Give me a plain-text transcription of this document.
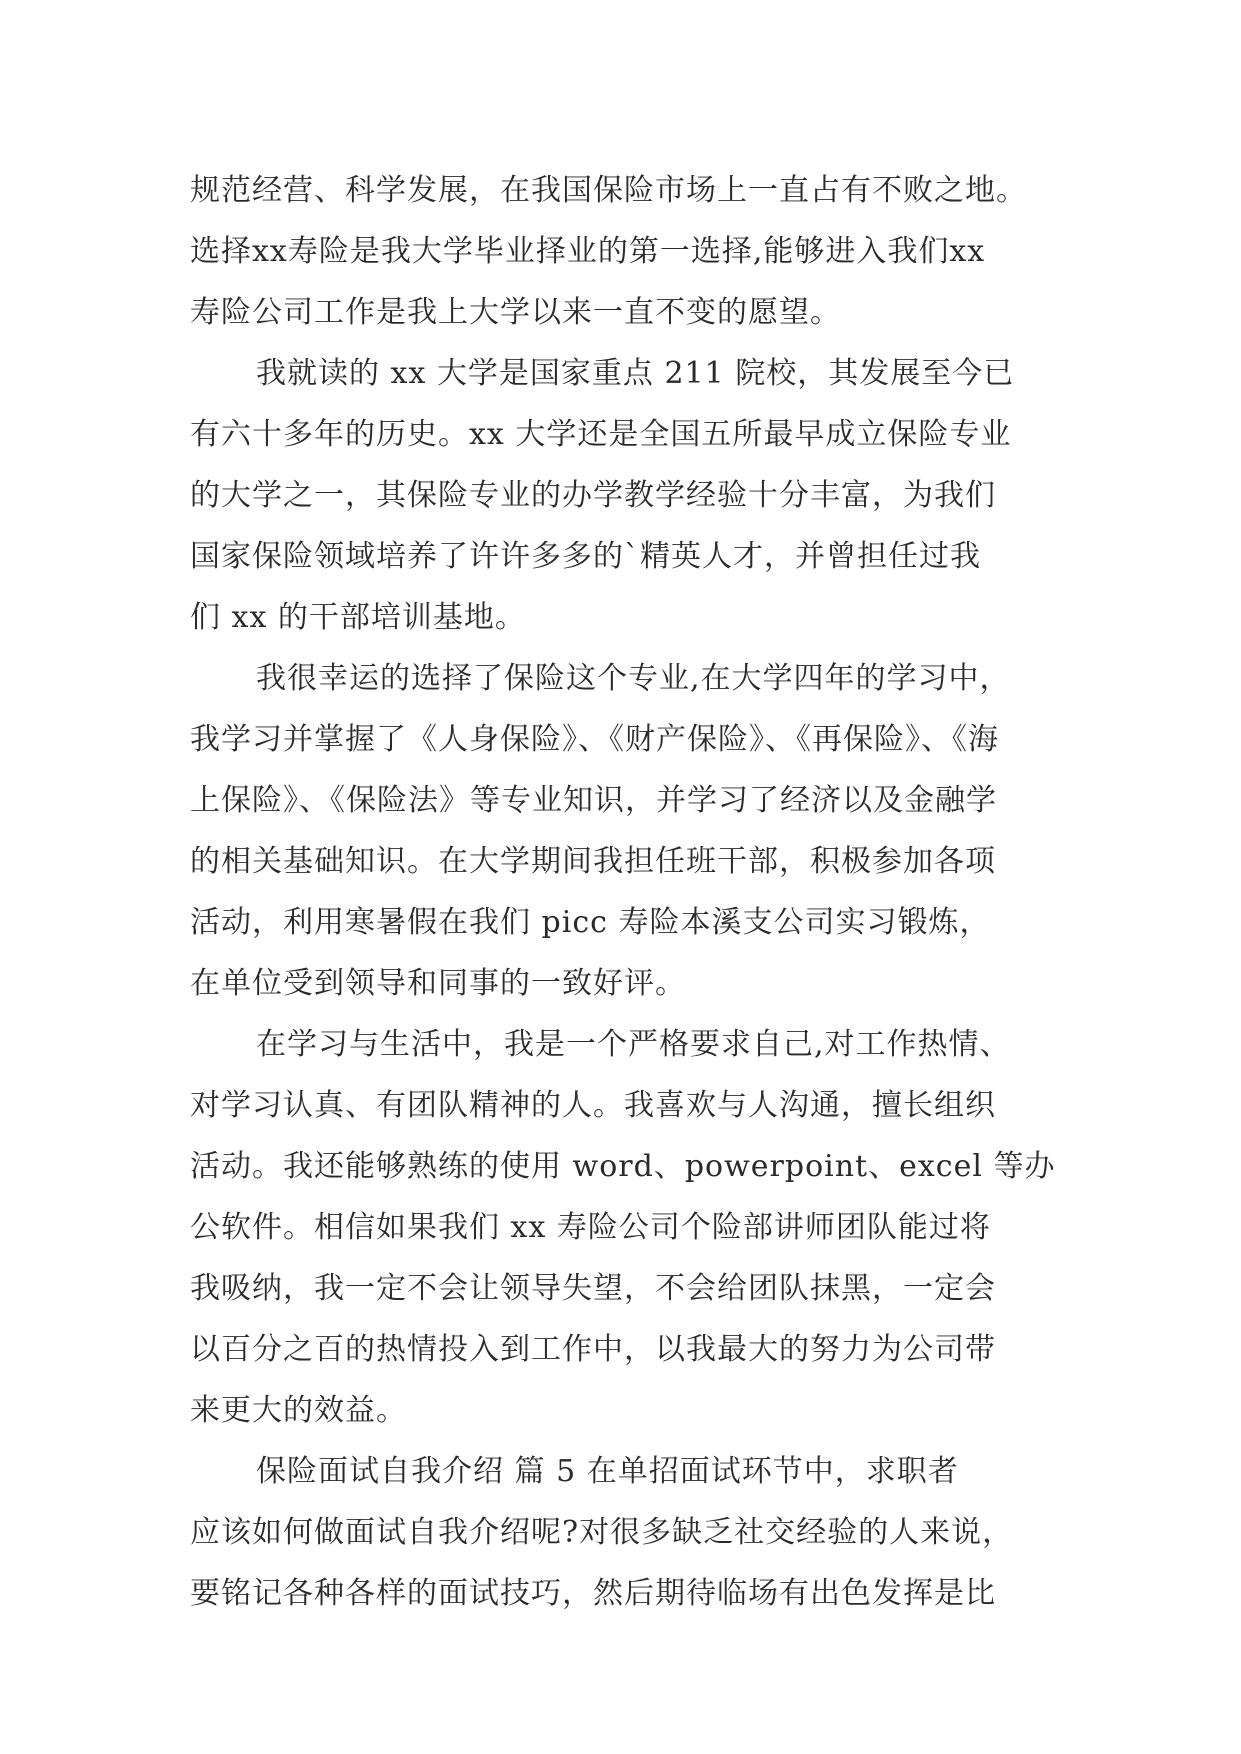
规范经营、科学发展，在我国保险市场上一直占有不败之地。
选择xx寿险是我大学毕业择业的第一选择,能够进入我们xx
寿险公司工作是我上大学以来一直不变的愿望。
我就读的 xx 大学是国家重点 211 院校，其发展至今已
有六十多年的历史。xx 大学还是全国五所最早成立保险专业
的大学之一，其保险专业的办学教学经验十分丰富，为我们
国家保险领域培养了许许多多的`精英人才，并曾担任过我
们 xx 的干部培训基地。
我很幸运的选择了保险这个专业,在大学四年的学习中，
我学习并掌握了《人身保险》、《财产保险》、《再保险》、《海
上保险》、《保险法》等专业知识，并学习了经济以及金融学
的相关基础知识。在大学期间我担任班干部，积极参加各项
活动，利用寒暑假在我们 picc 寿险本溪支公司实习锻炼，
在单位受到领导和同事的一致好评。
在学习与生活中，我是一个严格要求自己,对工作热情、
对学习认真、有团队精神的人。我喜欢与人沟通，擅长组织
活动。我还能够熟练的使用 word、powerpoint、excel 等办
公软件。相信如果我们 xx 寿险公司个险部讲师团队能过将
我吸纳，我一定不会让领导失望，不会给团队抹黑，一定会
以百分之百的热情投入到工作中，以我最大的努力为公司带
来更大的效益。
保险面试自我介绍 篇 5 在单招面试环节中，求职者
应该如何做面试自我介绍呢?对很多缺乏社交经验的人来说，
要铭记各种各样的面试技巧，然后期待临场有出色发挥是比
